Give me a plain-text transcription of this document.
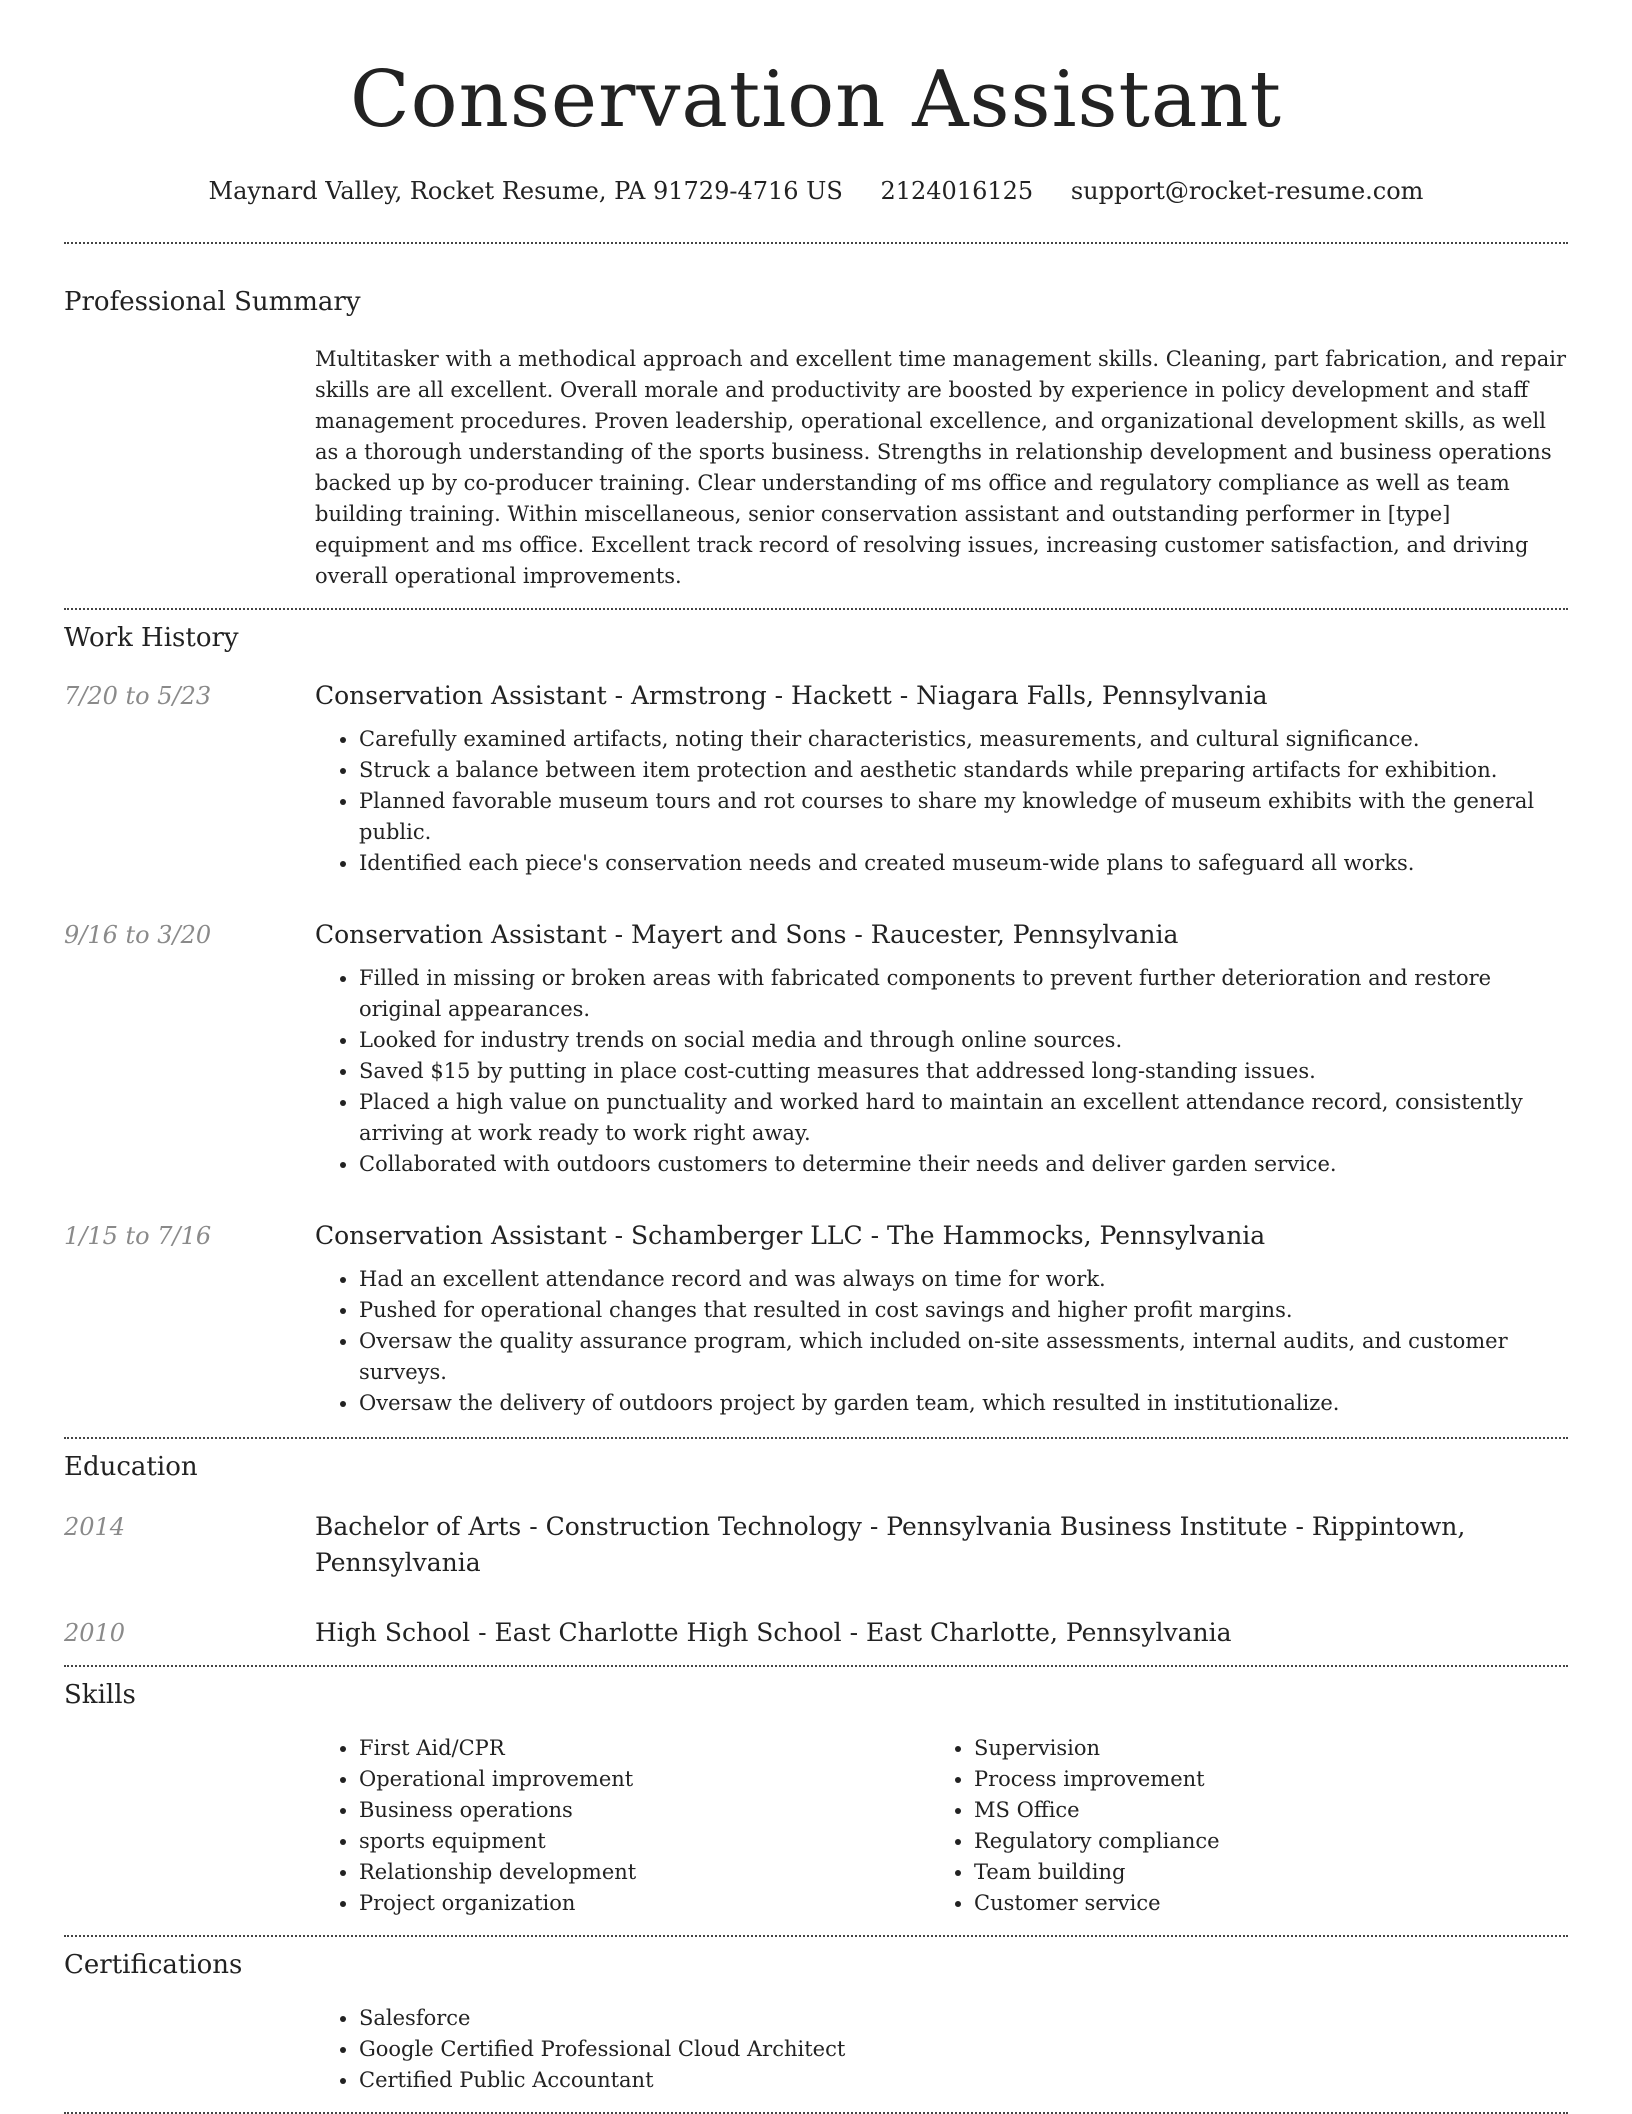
Conservation Assistant
Maynard Valley, Rocket Resume, PA 91729-4716 US 2124016125 support@rocket-resume.com
Professional Summary
Multitasker with a methodical approach and excellent time management skills. Cleaning, part fabrication, and repair skills are all excellent. Overall morale and productivity are boosted by experience in policy development and staff management procedures. Proven leadership, operational excellence, and organizational development skills, as well as a thorough understanding of the sports business. Strengths in relationship development and business operations backed up by co-producer training. Clear understanding of ms office and regulatory compliance as well as team building training. Within miscellaneous, senior conservation assistant and outstanding performer in [type] equipment and ms office. Excellent track record of resolving issues, increasing customer satisfaction, and driving overall operational improvements.
Work History
7/20 to 5/23	Conservation Assistant - Armstrong - Hackett - Niagara Falls, Pennsylvania
• Carefully examined artifacts, noting their characteristics, measurements, and cultural significance.
• Struck a balance between item protection and aesthetic standards while preparing artifacts for exhibition.
• Planned favorable museum tours and rot courses to share my knowledge of museum exhibits with the general public.
• Identified each piece's conservation needs and created museum-wide plans to safeguard all works.
9/16 to 3/20	Conservation Assistant - Mayert and Sons - Raucester, Pennsylvania
• Filled in missing or broken areas with fabricated components to prevent further deterioration and restore original appearances.
• Looked for industry trends on social media and through online sources.
• Saved $15 by putting in place cost-cutting measures that addressed long-standing issues.
• Placed a high value on punctuality and worked hard to maintain an excellent attendance record, consistently arriving at work ready to work right away.
• Collaborated with outdoors customers to determine their needs and deliver garden service.
1/15 to 7/16	Conservation Assistant - Schamberger LLC - The Hammocks, Pennsylvania
• Had an excellent attendance record and was always on time for work.
• Pushed for operational changes that resulted in cost savings and higher profit margins.
• Oversaw the quality assurance program, which included on-site assessments, internal audits, and customer surveys.
• Oversaw the delivery of outdoors project by garden team, which resulted in institutionalize.
Education
2014	Bachelor of Arts - Construction Technology - Pennsylvania Business Institute - Rippintown, Pennsylvania
2010	High School - East Charlotte High School - East Charlotte, Pennsylvania
Skills
• First Aid/CPR
• Operational improvement
• Business operations
• sports equipment
• Relationship development
• Project organization
• Supervision
• Process improvement
• MS Office
• Regulatory compliance
• Team building
• Customer service
Certifications
• Salesforce
• Google Certified Professional Cloud Architect
• Certified Public Accountant
